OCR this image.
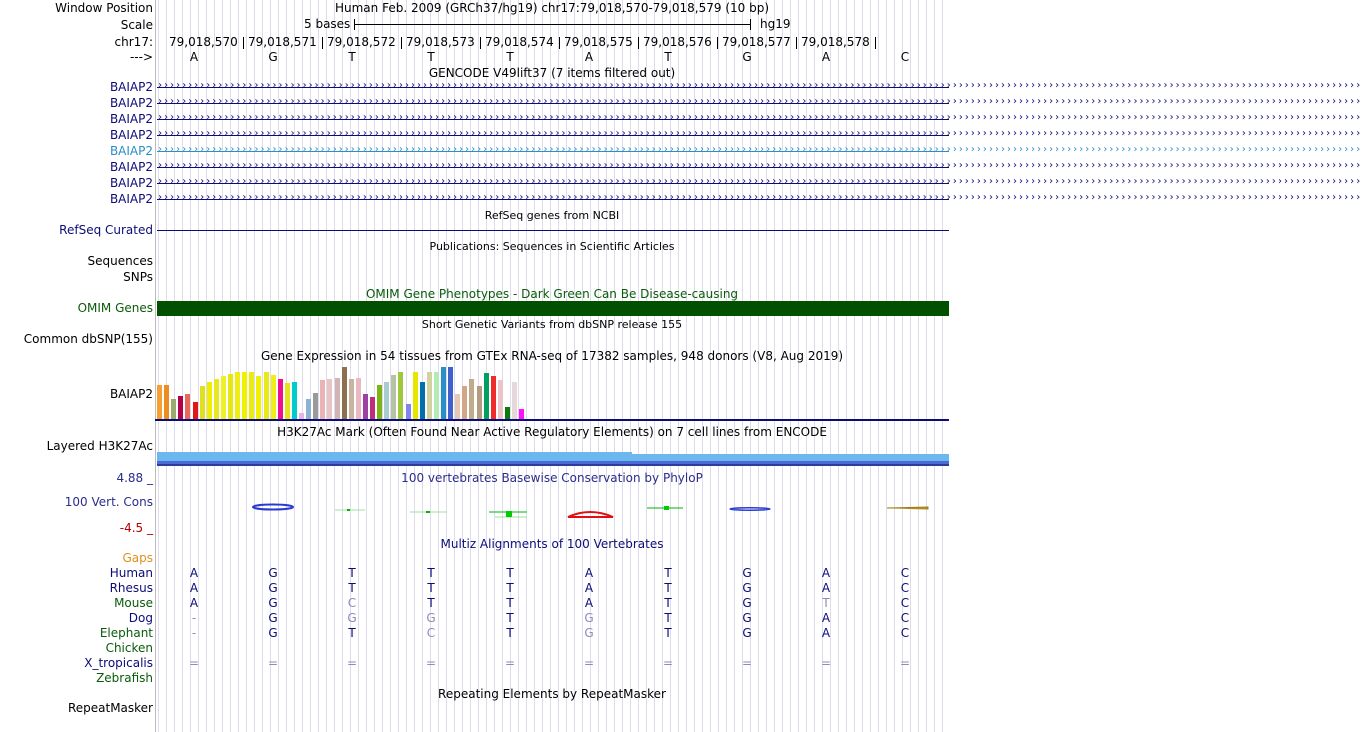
Window Position	Human Feb. 2009 (GRCh37/hg19) chr17:79,018,570-79,018,579 (10 bp)
Scale	5 bases	hg19
chr17: 79,018,570 79,018,571 79,018,572 79,018,573 79,018,574 79,018,575 79,018,576 79,018,577 79,018,578
--->	A	G	T	T	T	A	T	G	A	C
GENCODE V49lift37 (7 items filtered out)
BAIAP2 ››››››››››››››››››››››››››››››››››››››››››››››››››››››››››››››››››››››››››››››››››››››››››››››››››››››››››››››››››››››››››››››››››››››››››››››››››››››››››››››››››››››››››››››››››››››››››››››››››››››››
BAIAP2 ››››››››››››››››››››››››››››››››››››››››››››››››››››››››››››››››››››››››››››››››››››››››››››››››››››››››››››››››››››››››››››››››››››››››››››››››››››››››››››››››››››››››››››››››››››››››››››››››››››››››
BAIAP2 ››››››››››››››››››››››››››››››››››››››››››››››››››››››››››››››››››››››››››››››››››››››››››››››››››››››››››››››››››››››››››››››››››››››››››››››››››››››››››››››››››››››››››››››››››››››››››››››››››››››››
BAIAP2 ››››››››››››››››››››››››››››››››››››››››››››››››››››››››››››››››››››››››››››››››››››››››››››››››››››››››››››››››››››››››››››››››››››››››››››››››››››››››››››››››››››››››››››››››››››››››››››››››››››››››
BAIAP2 ››››››››››››››››››››››››››››››››››››››››››››››››››››››››››››››››››››››››››››››››››››››››››››››››››››››››››››››››››››››››››››››››››››››››››››››››››››››››››››››››››››››››››››››››››››››››››››››››››››››››
BAIAP2 ››››››››››››››››››››››››››››››››››››››››››››››››››››››››››››››››››››››››››››››››››››››››››››››››››››››››››››››››››››››››››››››››››››››››››››››››››››››››››››››››››››››››››››››››››››››››››››››››››››››››
BAIAP2 ››››››››››››››››››››››››››››››››››››››››››››››››››››››››››››››››››››››››››››››››››››››››››››››››››››››››››››››››››››››››››››››››››››››››››››››››››››››››››››››››››››››››››››››››››››››››››››››››››››››››
BAIAP2 ››››››››››››››››››››››››››››››››››››››››››››››››››››››››››››››››››››››››››››››››››››››››››››››››››››››››››››››››››››››››››››››››››››››››››››››››››››››››››››››››››››››››››››››››››››››››››››››››››››››››
RefSeq genes from NCBI
RefSeq Curated
Publications: Sequences in Scientific Articles
Sequences
SNPs
OMIM Gene Phenotypes - Dark Green Can Be Disease-causing
OMIM Genes
Short Genetic Variants from dbSNP release 155
Common dbSNP(155)
Gene Expression in 54 tissues from GTEx RNA-seq of 17382 samples, 948 donors (V8, Aug 2019)
BAIAP2
H3K27Ac Mark (Often Found Near Active Regulatory Elements) on 7 cell lines from ENCODE
Layered H3K27Ac
100 vertebrates Basewise Conservation by PhyloP
4.88 _
100 Vert. Cons
-4.5 _
Multiz Alignments of 100 Vertebrates
Gaps
Human	A	G	T	T	T	A	T	G	A	C
Rhesus	A	G	T	T	T	A	T	G	A	C
Mouse	A	G	C	T	T	A	T	G	T	C
Dog	-	G	G	G	T	G	T	G	A	C
Elephant	-	G	T	C	T	G	T	G	A	C
Chicken
X_tropicalis	=	=	=	=	=	=	=	=	=	=
Zebrafish
Repeating Elements by RepeatMasker
RepeatMasker
